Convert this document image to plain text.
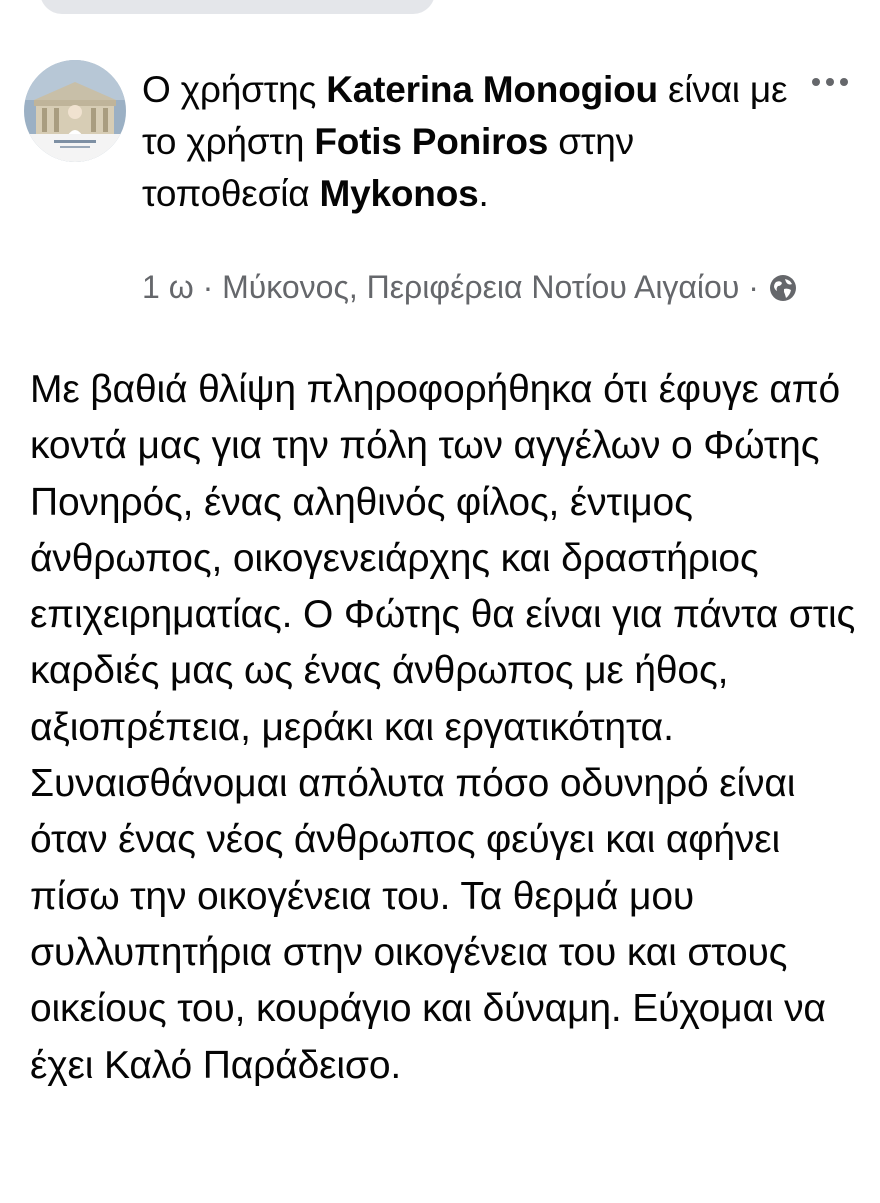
Ο χρήστης Katerina Monogiou είναι με το χρήστη Fotis Poniros στην τοποθεσία Mykonos.
1 ω · Μύκονος, Περιφέρεια Νοτίου Αιγαίου ·
Με βαθιά θλίψη πληροφορήθηκα ότι έφυγε από κοντά μας για την πόλη των αγγέλων ο Φώτης Πονηρός, ένας αληθινός φίλος, έντιμος άνθρωπος, οικογενειάρχης και δραστήριος επιχειρηματίας. Ο Φώτης θα είναι για πάντα στις καρδιές μας ως ένας άνθρωπος με ήθος, αξιοπρέπεια, μεράκι και εργατικότητα. Συναισθάνομαι απόλυτα πόσο οδυνηρό είναι όταν ένας νέος άνθρωπος φεύγει και αφήνει πίσω την οικογένεια του. Τα θερμά μου συλλυπητήρια στην οικογένεια του και στους οικείους του, κουράγιο και δύναμη. Εύχομαι να έχει Καλό Παράδεισο.
